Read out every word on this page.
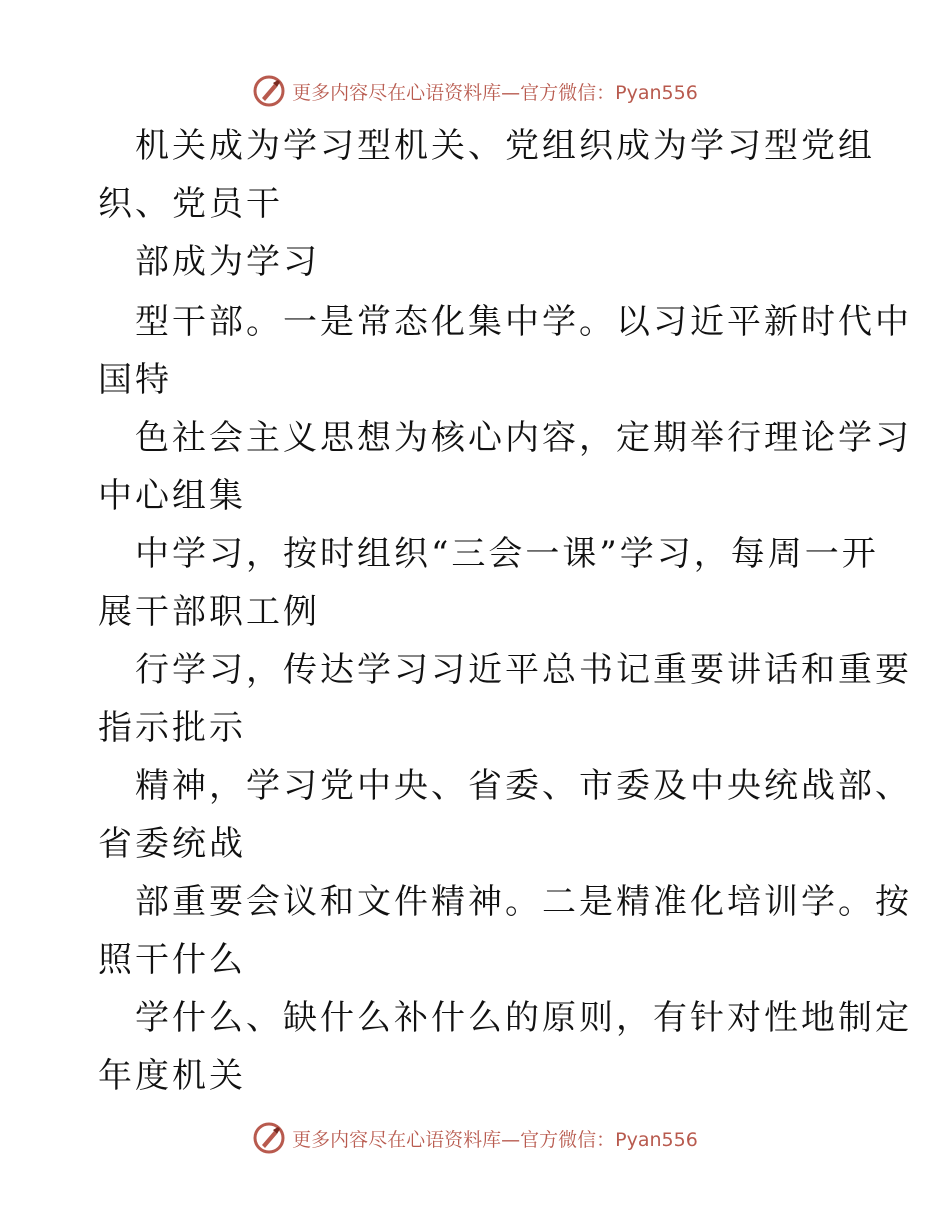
更多内容尽在心语资料库—官方微信：Pyan556
机关成为学习型机关、党组织成为学习型党组
织、党员干
部成为学习
型干部。一是常态化集中学。以习近平新时代中
国特
色社会主义思想为核心内容，定期举行理论学习
中心组集
中学习，按时组织“三会一课”学习，每周一开
展干部职工例
行学习，传达学习习近平总书记重要讲话和重要
指示批示
精神，学习党中央、省委、市委及中央统战部、
省委统战
部重要会议和文件精神。二是精准化培训学。按
照干什么
学什么、缺什么补什么的原则，有针对性地制定
年度机关
更多内容尽在心语资料库—官方微信：Pyan556
